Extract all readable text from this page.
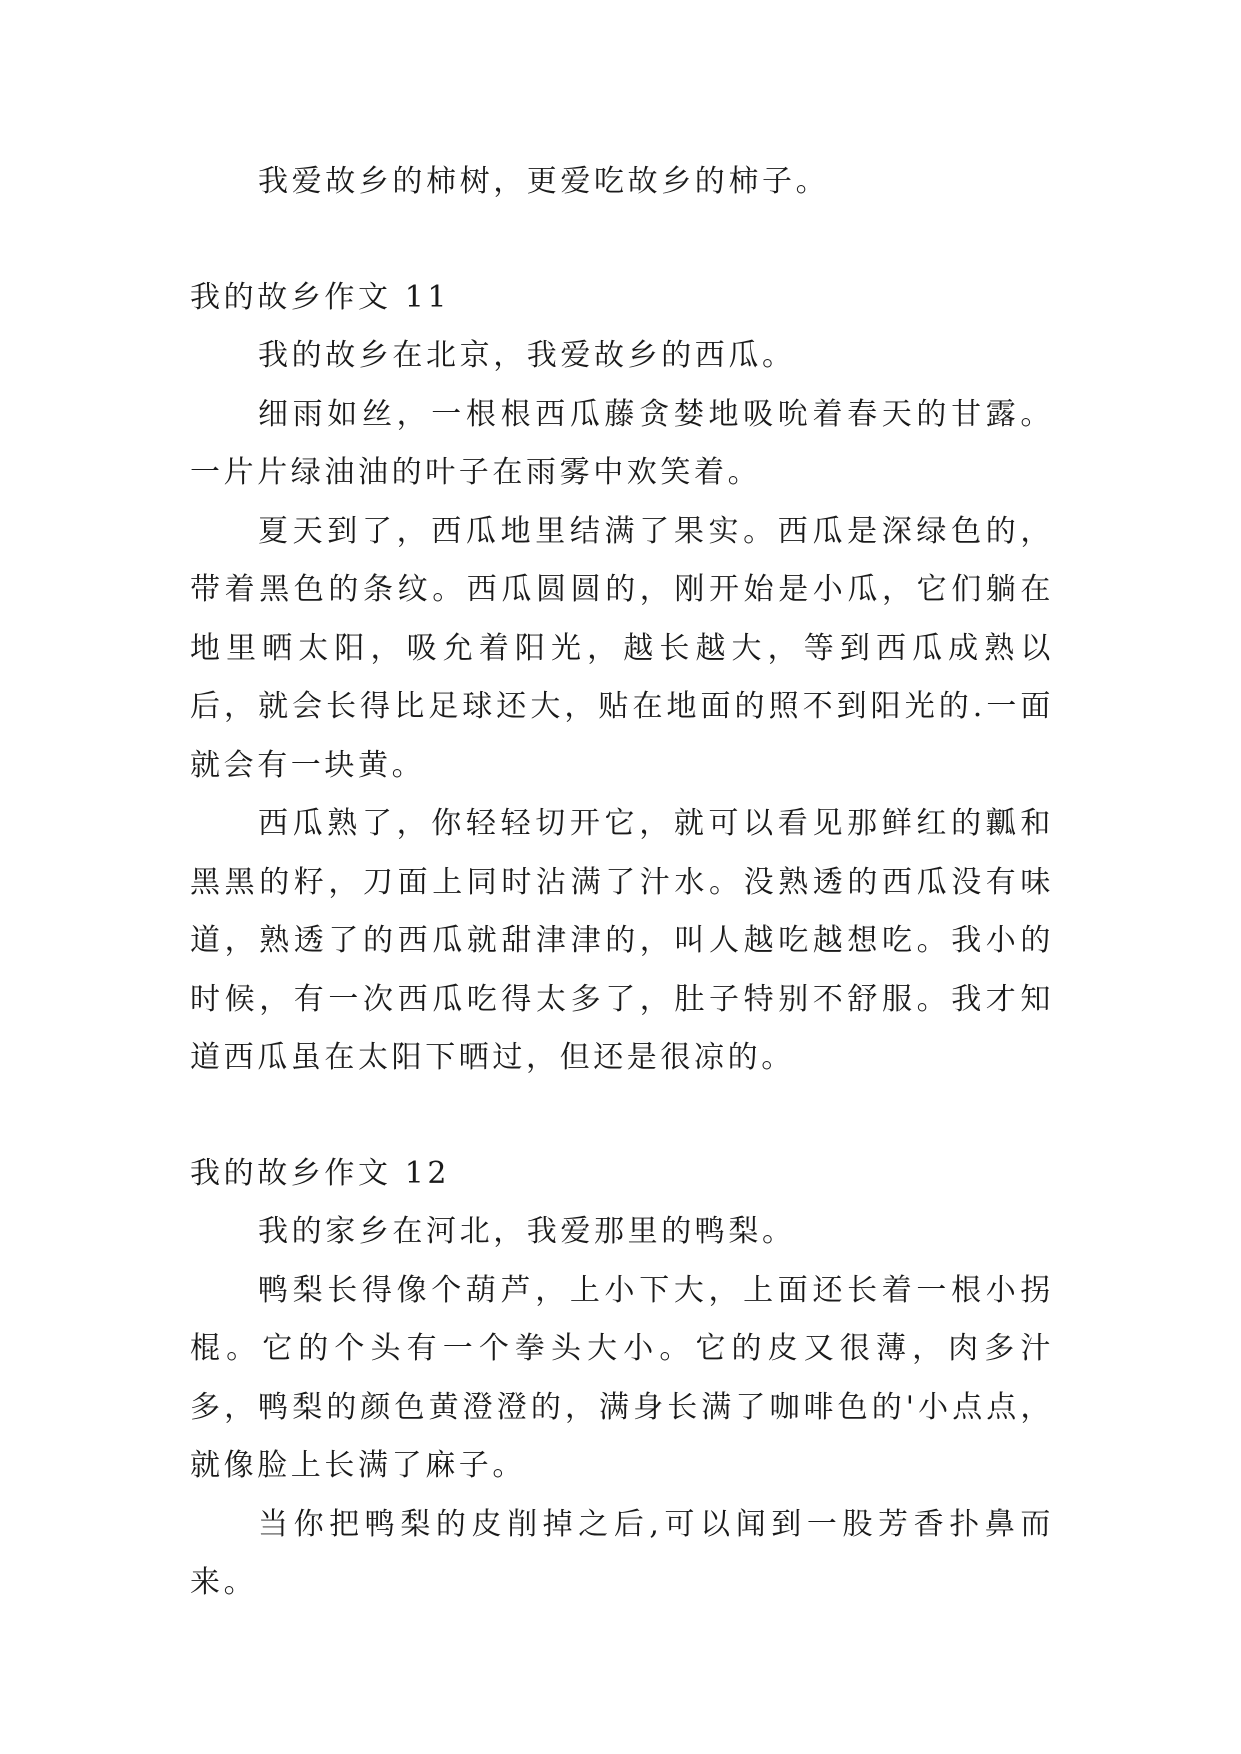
我爱故乡的柿树，更爱吃故乡的柿子。

我的故乡作文 11

我的故乡在北京，我爱故乡的西瓜。

细雨如丝，一根根西瓜藤贪婪地吸吮着春天的甘露。一片片绿油油的叶子在雨雾中欢笑着。

夏天到了，西瓜地里结满了果实。西瓜是深绿色的，带着黑色的条纹。西瓜圆圆的，刚开始是小瓜，它们躺在地里晒太阳，吸允着阳光，越长越大，等到西瓜成熟以后，就会长得比足球还大，贴在地面的照不到阳光的.一面就会有一块黄。

西瓜熟了，你轻轻切开它，就可以看见那鲜红的瓤和黑黑的籽，刀面上同时沾满了汁水。没熟透的西瓜没有味道，熟透了的西瓜就甜津津的，叫人越吃越想吃。我小的时候，有一次西瓜吃得太多了，肚子特别不舒服。我才知道西瓜虽在太阳下晒过，但还是很凉的。

我的故乡作文 12

我的家乡在河北，我爱那里的鸭梨。

鸭梨长得像个葫芦，上小下大，上面还长着一根小拐棍。它的个头有一个拳头大小。它的皮又很薄，肉多汁多，鸭梨的颜色黄澄澄的，满身长满了咖啡色的'小点点，就像脸上长满了麻子。

当你把鸭梨的皮削掉之后,可以闻到一股芳香扑鼻而来。
